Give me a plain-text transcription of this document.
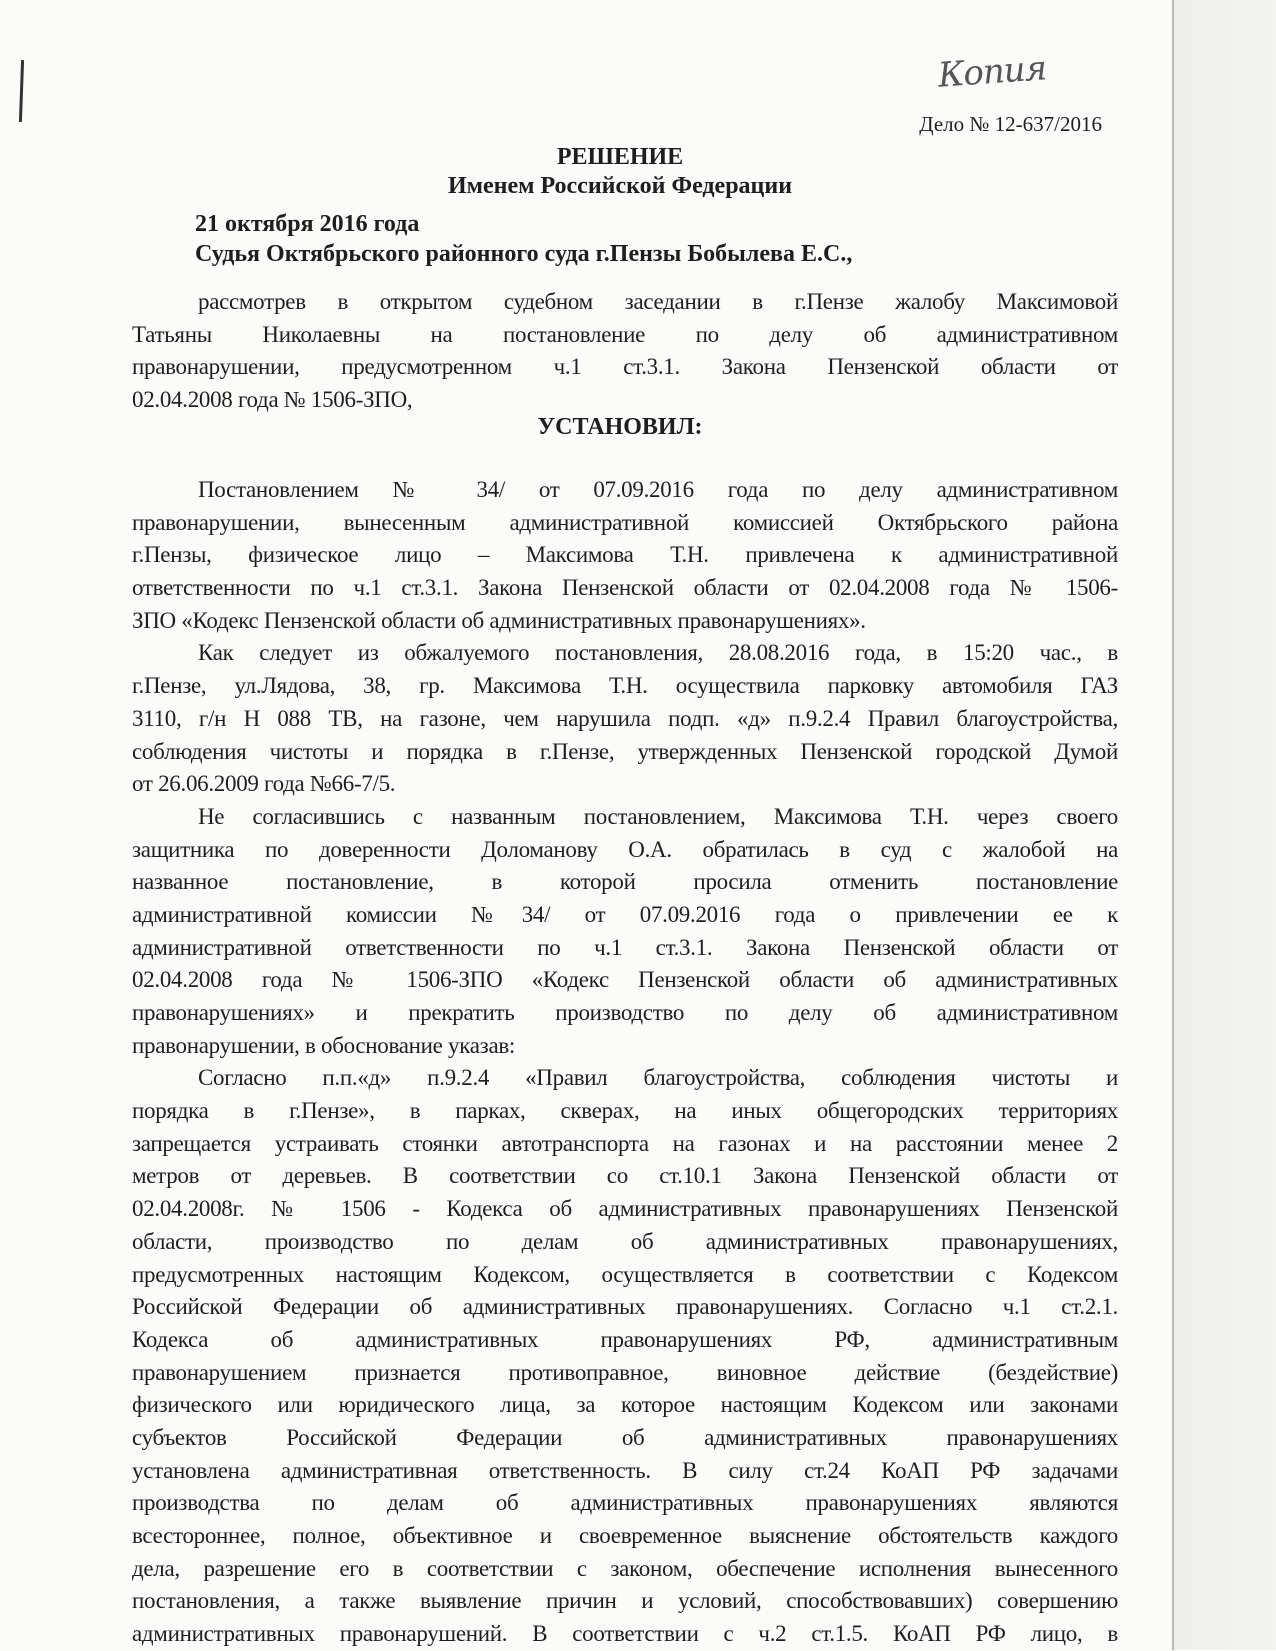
Копия
Дело № 12-637/2016
РЕШЕНИЕ
Именем Российской Федерации
21 октября 2016 года
Судья Октябрьского районного суда г.Пензы Бобылева Е.С.,
рассмотрев в открытом судебном заседании в г.Пензе жалобу Максимовой
Татьяны Николаевны на постановление по делу об административном
правонарушении, предусмотренном ч.1 ст.3.1. Закона Пензенской области от
02.04.2008 года № 1506-ЗПО,
УСТАНОВИЛ:
Постановлением № 34/ от 07.09.2016 года по делу административном
правонарушении, вынесенным административной комиссией Октябрьского района
г.Пензы, физическое лицо – Максимова Т.Н. привлечена к административной
ответственности по ч.1 ст.3.1. Закона Пензенской области от 02.04.2008 года № 1506-
ЗПО «Кодекс Пензенской области об административных правонарушениях».
Как следует из обжалуемого постановления, 28.08.2016 года, в 15:20 час., в
г.Пензе, ул.Лядова, 38, гр. Максимова Т.Н. осуществила парковку автомобиля ГАЗ
3110, г/н Н 088 ТВ, на газоне, чем нарушила подп. «д» п.9.2.4 Правил благоустройства,
соблюдения чистоты и порядка в г.Пензе, утвержденных Пензенской городской Думой
от 26.06.2009 года №66-7/5.
Не согласившись с названным постановлением, Максимова Т.Н. через своего
защитника по доверенности Доломанову О.А. обратилась в суд с жалобой на
названное постановление, в которой просила отменить постановление
административной комиссии №34/ от 07.09.2016 года о привлечении ее к
административной ответственности по ч.1 ст.3.1. Закона Пензенской области от
02.04.2008 года № 1506-ЗПО «Кодекс Пензенской области об административных
правонарушениях» и прекратить производство по делу об административном
правонарушении, в обоснование указав:
Согласно п.п.«д» п.9.2.4 «Правил благоустройства, соблюдения чистоты и
порядка в г.Пензе», в парках, скверах, на иных общегородских территориях
запрещается устраивать стоянки автотранспорта на газонах и на расстоянии менее 2
метров от деревьев. В соответствии со ст.10.1 Закона Пензенской области от
02.04.2008г. № 1506 - Кодекса об административных правонарушениях Пензенской
области, производство по делам об административных правонарушениях,
предусмотренных настоящим Кодексом, осуществляется в соответствии с Кодексом
Российской Федерации об административных правонарушениях. Согласно ч.1 ст.2.1.
Кодекса об административных правонарушениях РФ, административным
правонарушением признается противоправное, виновное действие (бездействие)
физического или юридического лица, за которое настоящим Кодексом или законами
субъектов Российской Федерации об административных правонарушениях
установлена административная ответственность. В силу ст.24 КоАП РФ задачами
производства по делам об административных правонарушениях являются
всестороннее, полное, объективное и своевременное выяснение обстоятельств каждого
дела, разрешение его в соответствии с законом, обеспечение исполнения вынесенного
постановления, а также выявление причин и условий, способствовавших) совершению
административных правонарушений. В соответствии с ч.2 ст.1.5. КоАП РФ лицо, в
